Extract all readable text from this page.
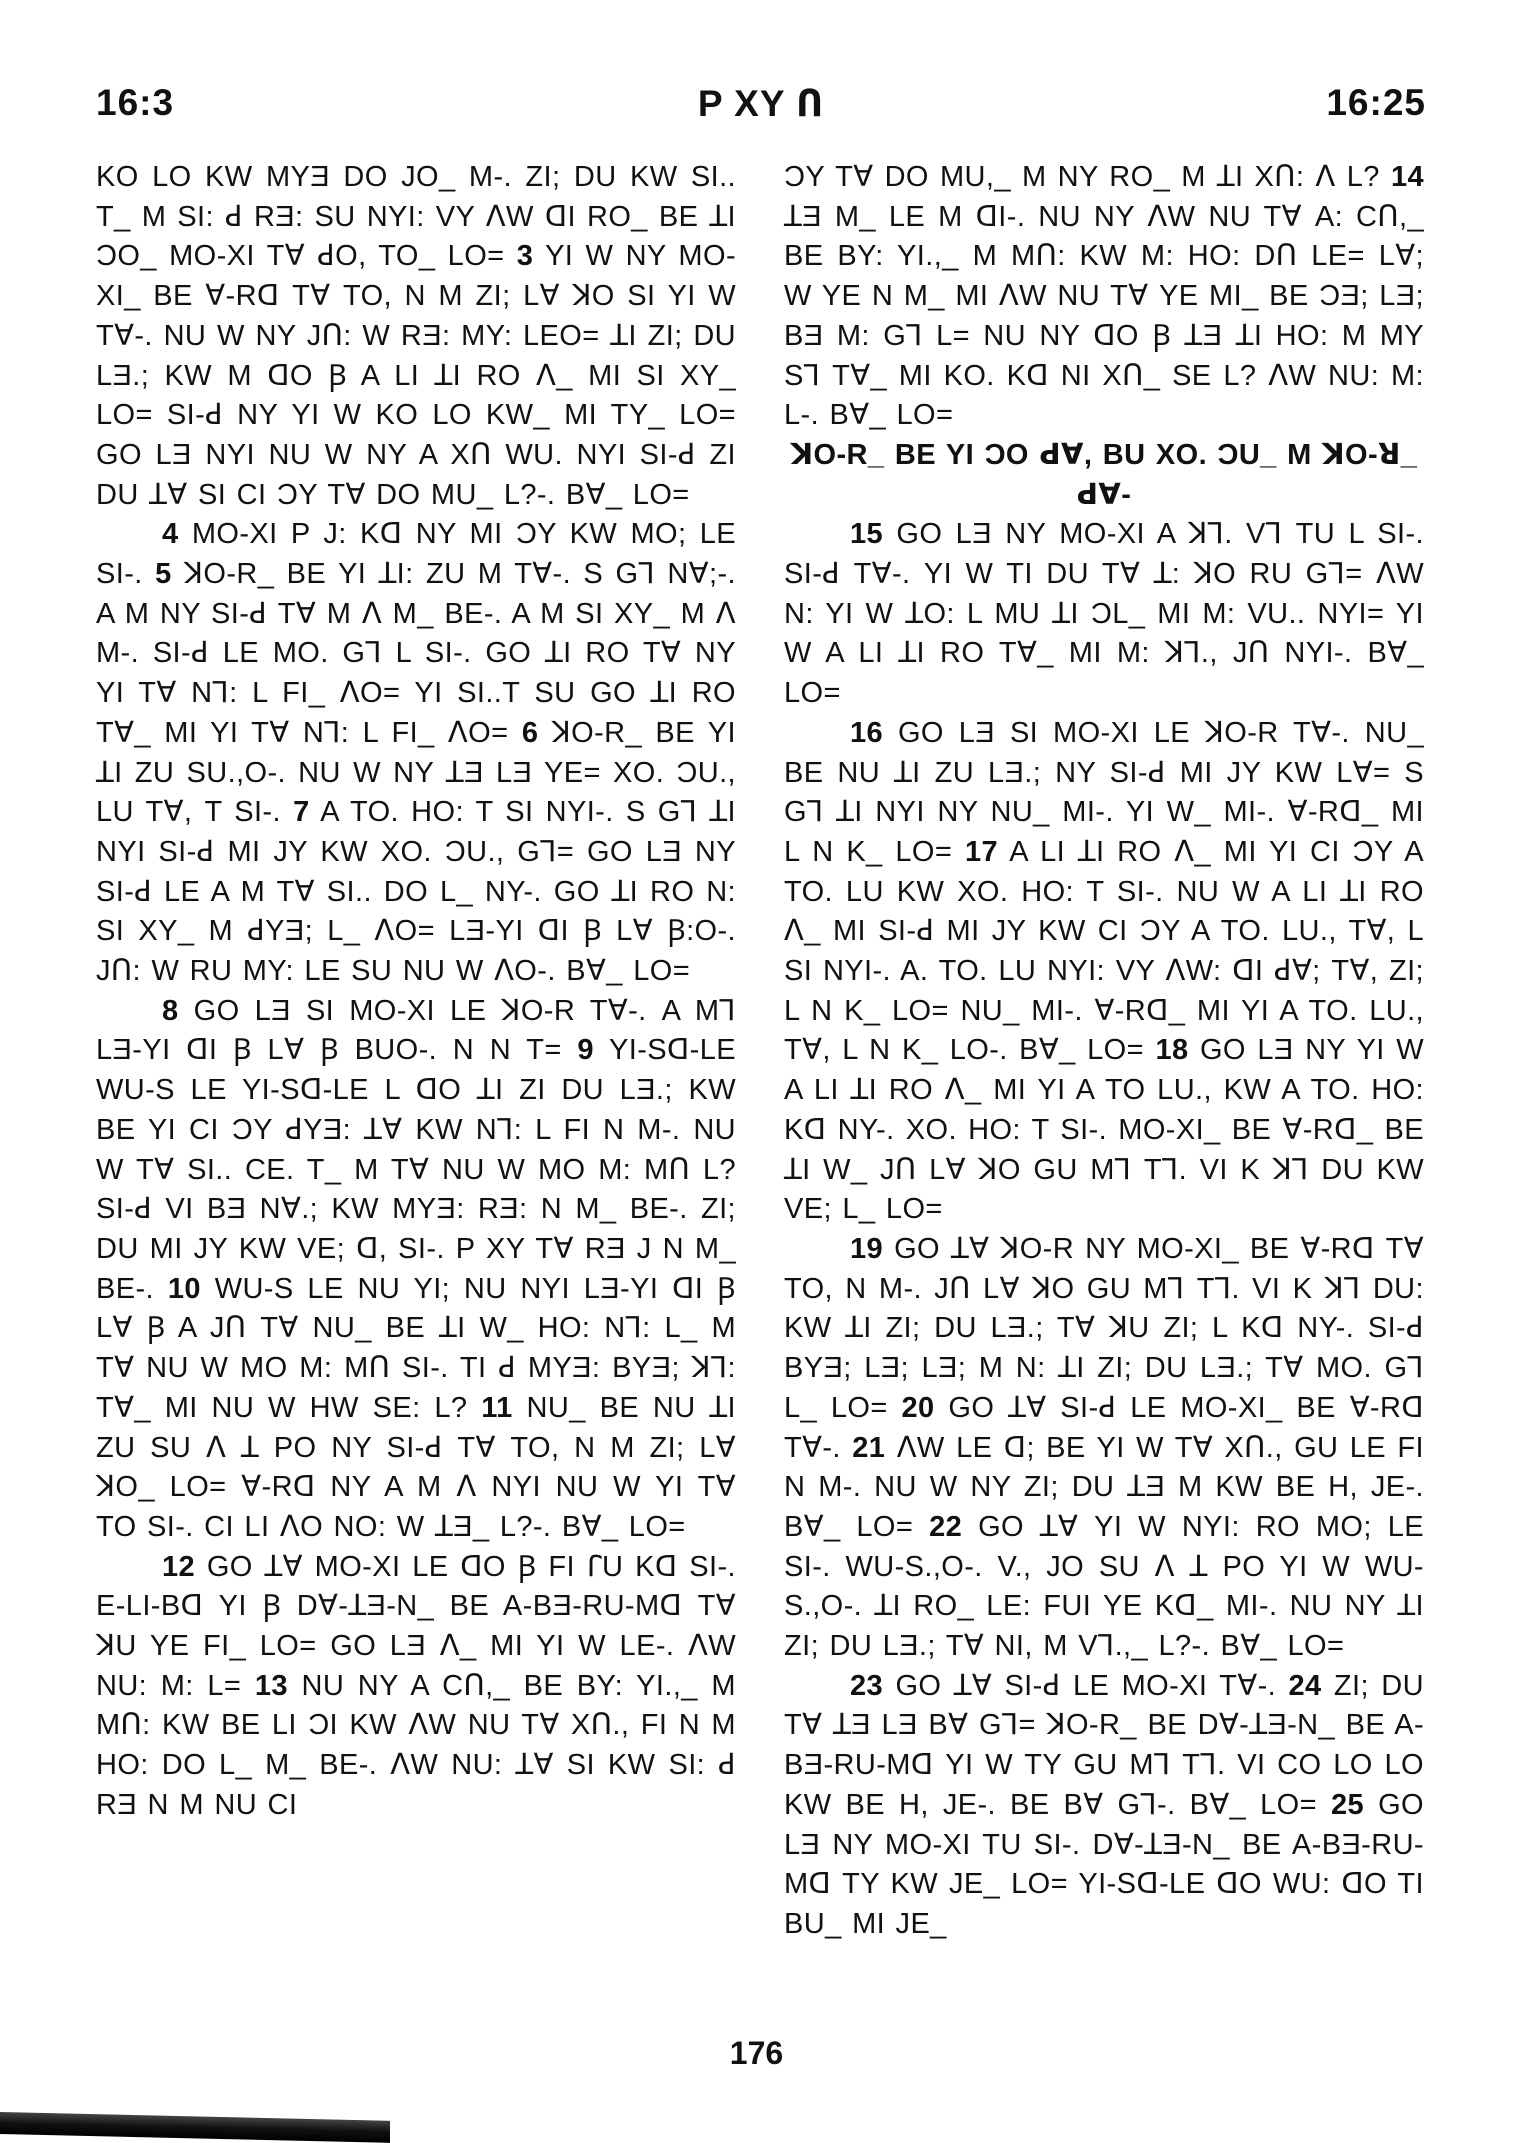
16:3	P XY Ո	16:25

KO LO KW MYƎ DO JO_ M-. ZI; DU KW SI.. T_ M SI: ꓒ RƎ: SU NYI: VY ꓥW ꓷI RO_ BE ꓕI ƆO_ MO-XI Tꓯ ꓒO, TO_ LO= 3 YI W NY MO-XI_ BE ꓯ-Rꓷ Tꓯ TO, N M ZI; Lꓯ ꓘO SI YI W Tꓯ-. NU W NY JՈ: W RƎ: MY: LEO= ꓕI ZI; DU LƎ.; KW M ꓷO Ꞵ A LI ꓕI RO ꓥ_ MI SI XY_ LO= SI-ꓒ NY YI W KO LO KW_ MI TY_ LO= GO LƎ NYI NU W NY A XՈ WU. NYI SI-ꓒ ZI DU ꓕꓯ SI CI ƆY Tꓯ DO MU_ L?-. Bꓯ_ LO=

4 MO-XI P J: Kꓷ NY MI ƆY KW MO; LE SI-. 5 ꓘO-R_ BE YI ꓕI: ZU M Tꓯ-. S Gꓶ Nꓯ;-. A M NY SI-ꓒ Tꓯ M ꓥ M_ BE-. A M SI XY_ M ꓥ M-. SI-ꓒ LE MO. Gꓶ L SI-. GO ꓕI RO Tꓯ NY YI Tꓯ Nꓶ: L FI_ ꓥO= YI SI..T SU GO ꓕI RO Tꓯ_ MI YI Tꓯ Nꓶ: L FI_ ꓥO= 6 ꓘO-R_ BE YI ꓕI ZU SU.,O-. NU W NY ꓕƎ LƎ YE= XO. ƆU., LU Tꓯ, T SI-. 7 A TO. HO: T SI NYI-. S Gꓶ ꓕI NYI SI-ꓒ MI JY KW XO. ƆU., Gꓶ= GO LƎ NY SI-ꓒ LE A M Tꓯ SI.. DO L_ NY-. GO ꓕI RO N: SI XY_ M ꓒYƎ; L_ ꓥO= LƎ-YI ꓷI Ꞵ Lꓯ Ꞵ:O-. JՈ: W RU MY: LE SU NU W ꓥO-. Bꓯ_ LO=

8 GO LƎ SI MO-XI LE ꓘO-R Tꓯ-. A Mꓶ LƎ-YI ꓷI Ꞵ Lꓯ Ꞵ BUO-. N N T= 9 YI-Sꓷ-LE WU-S LE YI-Sꓷ-LE L ꓷO ꓕI ZI DU LƎ.; KW BE YI CI ƆY ꓒYƎ: ꓕꓯ KW Nꓶ: L FI N M-. NU W Tꓯ SI.. CE. T_ M Tꓯ NU W MO M: MՈ L? SI-ꓒ VI BƎ Nꓯ.; KW MYƎ: RƎ: N M_ BE-. ZI; DU MI JY KW VE; ꓷ, SI-. P XY Tꓯ RƎ J N M_ BE-. 10 WU-S LE NU YI; NU NYI LƎ-YI ꓷI Ꞵ Lꓯ Ꞵ A JՈ Tꓯ NU_ BE ꓕI W_ HO: Nꓶ: L_ M Tꓯ NU W MO M: MՈ SI-. TI ꓒ MYƎ: BYƎ; ꓘꓶ: Tꓯ_ MI NU W HW SE: L? 11 NU_ BE NU ꓕI ZU SU ꓥ ꓕ PO NY SI-ꓒ Tꓯ TO, N M ZI; Lꓯ ꓘO_ LO= ꓯ-Rꓷ NY A M ꓥ NYI NU W YI Tꓯ TO SI-. CI LI ꓥO NO: W ꓕƎ_ L?-. Bꓯ_ LO=

12 GO ꓕꓯ MO-XI LE ꓷO Ꞵ FI ꓩU Kꓷ SI-. E-LI-Bꓷ YI Ꞵ Dꓯ-ꓕƎ-N_ BE A-BƎ-RU-Mꓷ Tꓯ ꓘU YE FI_ LO= GO LƎ ꓥ_ MI YI W LE-. ꓥW NU: M: L= 13 NU NY A CՈ,_ BE BY: YI.,_ M MՈ: KW BE LI ƆI KW ꓥW NU Tꓯ XՈ., FI N M HO: DO L_ M_ BE-. ꓥW NU: ꓕꓯ SI KW SI: ꓒ RƎ N M NU CI

ƆY Tꓯ DO MU,_ M NY RO_ M ꓕI XՈ: ꓥ L? 14 ꓕƎ M_ LE M ꓷI-. NU NY ꓥW NU Tꓯ A: CՈ,_ BE BY: YI.,_ M MՈ: KW M: HO: DՈ LE= Lꓯ; W YE N M_ MI ꓥW NU Tꓯ YE MI_ BE ƆƎ; LƎ; BƎ M: Gꓶ L= NU NY ꓷO Ꞵ ꓕƎ ꓕI HO: M MY Sꓶ Tꓯ_ MI KO. Kꓷ NI XՈ_ SE L? ꓥW NU: M: L-. Bꓯ_ LO=

ꓘO-R_ BE YI ƆO ꓒꓯ, BU XO. ƆU_ M ꓘO-ꓤ_ ꓒꓯ-

15 GO LƎ NY MO-XI A ꓘꓶ. Vꓶ TU L SI-. SI-ꓒ Tꓯ-. YI W TI DU Tꓯ ꓕ: ꓘO RU Gꓶ= ꓥW N: YI W ꓕO: L MU ꓕI ƆL_ MI M: VU.. NYI= YI W A LI ꓕI RO Tꓯ_ MI M: ꓘꓶ., JՈ NYI-. Bꓯ_ LO=

16 GO LƎ SI MO-XI LE ꓘO-R Tꓯ-. NU_ BE NU ꓕI ZU LƎ.; NY SI-ꓒ MI JY KW Lꓯ= S Gꓶ ꓕI NYI NY NU_ MI-. YI W_ MI-. ꓯ-Rꓷ_ MI L N K_ LO= 17 A LI ꓕI RO ꓥ_ MI YI CI ƆY A TO. LU KW XO. HO: T SI-. NU W A LI ꓕI RO ꓥ_ MI SI-ꓒ MI JY KW CI ƆY A TO. LU., Tꓯ, L SI NYI-. A. TO. LU NYI: VY ꓥW: ꓷI ꓒꓯ; Tꓯ, ZI; L N K_ LO= NU_ MI-. ꓯ-Rꓷ_ MI YI A TO. LU., Tꓯ, L N K_ LO-. Bꓯ_ LO= 18 GO LƎ NY YI W A LI ꓕI RO ꓥ_ MI YI A TO LU., KW A TO. HO: Kꓷ NY-. XO. HO: T SI-. MO-XI_ BE ꓯ-Rꓷ_ BE ꓕI W_ JՈ Lꓯ ꓘO GU Mꓶ Tꓶ. VI K ꓘꓶ DU KW VE; L_ LO=

19 GO ꓕꓯ ꓘO-R NY MO-XI_ BE ꓯ-Rꓷ Tꓯ TO, N M-. JՈ Lꓯ ꓘO GU Mꓶ Tꓶ. VI K ꓘꓶ DU: KW ꓕI ZI; DU LƎ.; Tꓯ ꓘU ZI; L Kꓷ NY-. SI-ꓒ BYƎ; LƎ; LƎ; M N: ꓕI ZI; DU LƎ.; Tꓯ MO. Gꓶ L_ LO= 20 GO ꓕꓯ SI-ꓒ LE MO-XI_ BE ꓯ-Rꓷ Tꓯ-. 21 ꓥW LE ꓷ; BE YI W Tꓯ XՈ., GU LE FI N M-. NU W NY ZI; DU ꓕƎ M KW BE H, JE-. Bꓯ_ LO= 22 GO ꓕꓯ YI W NYI: RO MO; LE SI-. WU-S.,O-. V., JO SU ꓥ ꓕ PO YI W WU-S.,O-. ꓕI RO_ LE: FUI YE Kꓷ_ MI-. NU NY ꓕI ZI; DU LƎ.; Tꓯ NI, M Vꓶ.,_ L?-. Bꓯ_ LO=

23 GO ꓕꓯ SI-ꓒ LE MO-XI Tꓯ-. 24 ZI; DU Tꓯ ꓕƎ LƎ Bꓯ Gꓶ= ꓘO-R_ BE Dꓯ-ꓕƎ-N_ BE A-BƎ-RU-Mꓷ YI W TY GU Mꓶ Tꓶ. VI CO LO LO KW BE H, JE-. BE Bꓯ Gꓶ-. Bꓯ_ LO= 25 GO LƎ NY MO-XI TU SI-. Dꓯ-ꓕƎ-N_ BE A-BƎ-RU-Mꓷ TY KW JE_ LO= YI-Sꓷ-LE ꓷO WU: ꓷO TI BU_ MI JE_

176
